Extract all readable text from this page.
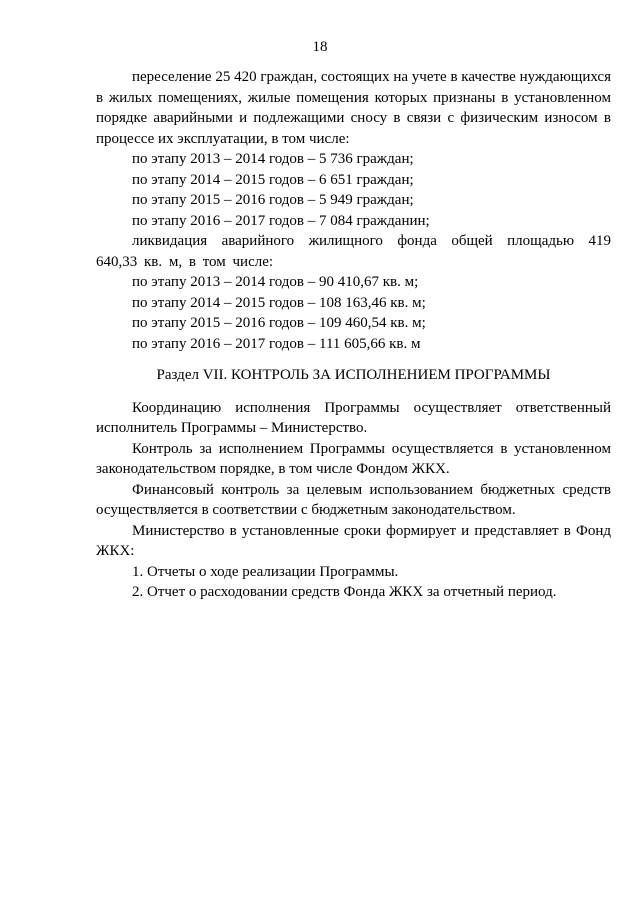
18

переселение 25 420 граждан, состоящих на учете в качестве нуждающихся в жилых помещениях, жилые помещения которых признаны в установленном порядке аварийными и подлежащими сносу в связи с физическим износом в процессе их эксплуатации, в том числе:

по этапу 2013 – 2014 годов – 5 736 граждан;

по этапу 2014 – 2015 годов – 6 651 граждан;

по этапу 2015 – 2016 годов – 5 949 граждан;

по этапу 2016 – 2017 годов – 7 084 гражданин;

ликвидация аварийного жилищного фонда общей площадью 419 640,33 кв. м, в том числе:

по этапу 2013 – 2014 годов – 90 410,67 кв. м;

по этапу 2014 – 2015 годов – 108 163,46 кв. м;

по этапу 2015 – 2016 годов – 109 460,54 кв. м;

по этапу 2016 – 2017 годов – 111 605,66 кв. м

Раздел VII. КОНТРОЛЬ ЗА ИСПОЛНЕНИЕМ ПРОГРАММЫ

Координацию исполнения Программы осуществляет ответственный исполнитель Программы – Министерство.

Контроль за исполнением Программы осуществляется в установленном законодательством порядке, в том числе Фондом ЖКХ.

Финансовый контроль за целевым использованием бюджетных средств осуществляется в соответствии с бюджетным законодательством.

Министерство в установленные сроки формирует и представляет в Фонд ЖКХ:

1. Отчеты о ходе реализации Программы.

2. Отчет о расходовании средств Фонда ЖКХ за отчетный период.
